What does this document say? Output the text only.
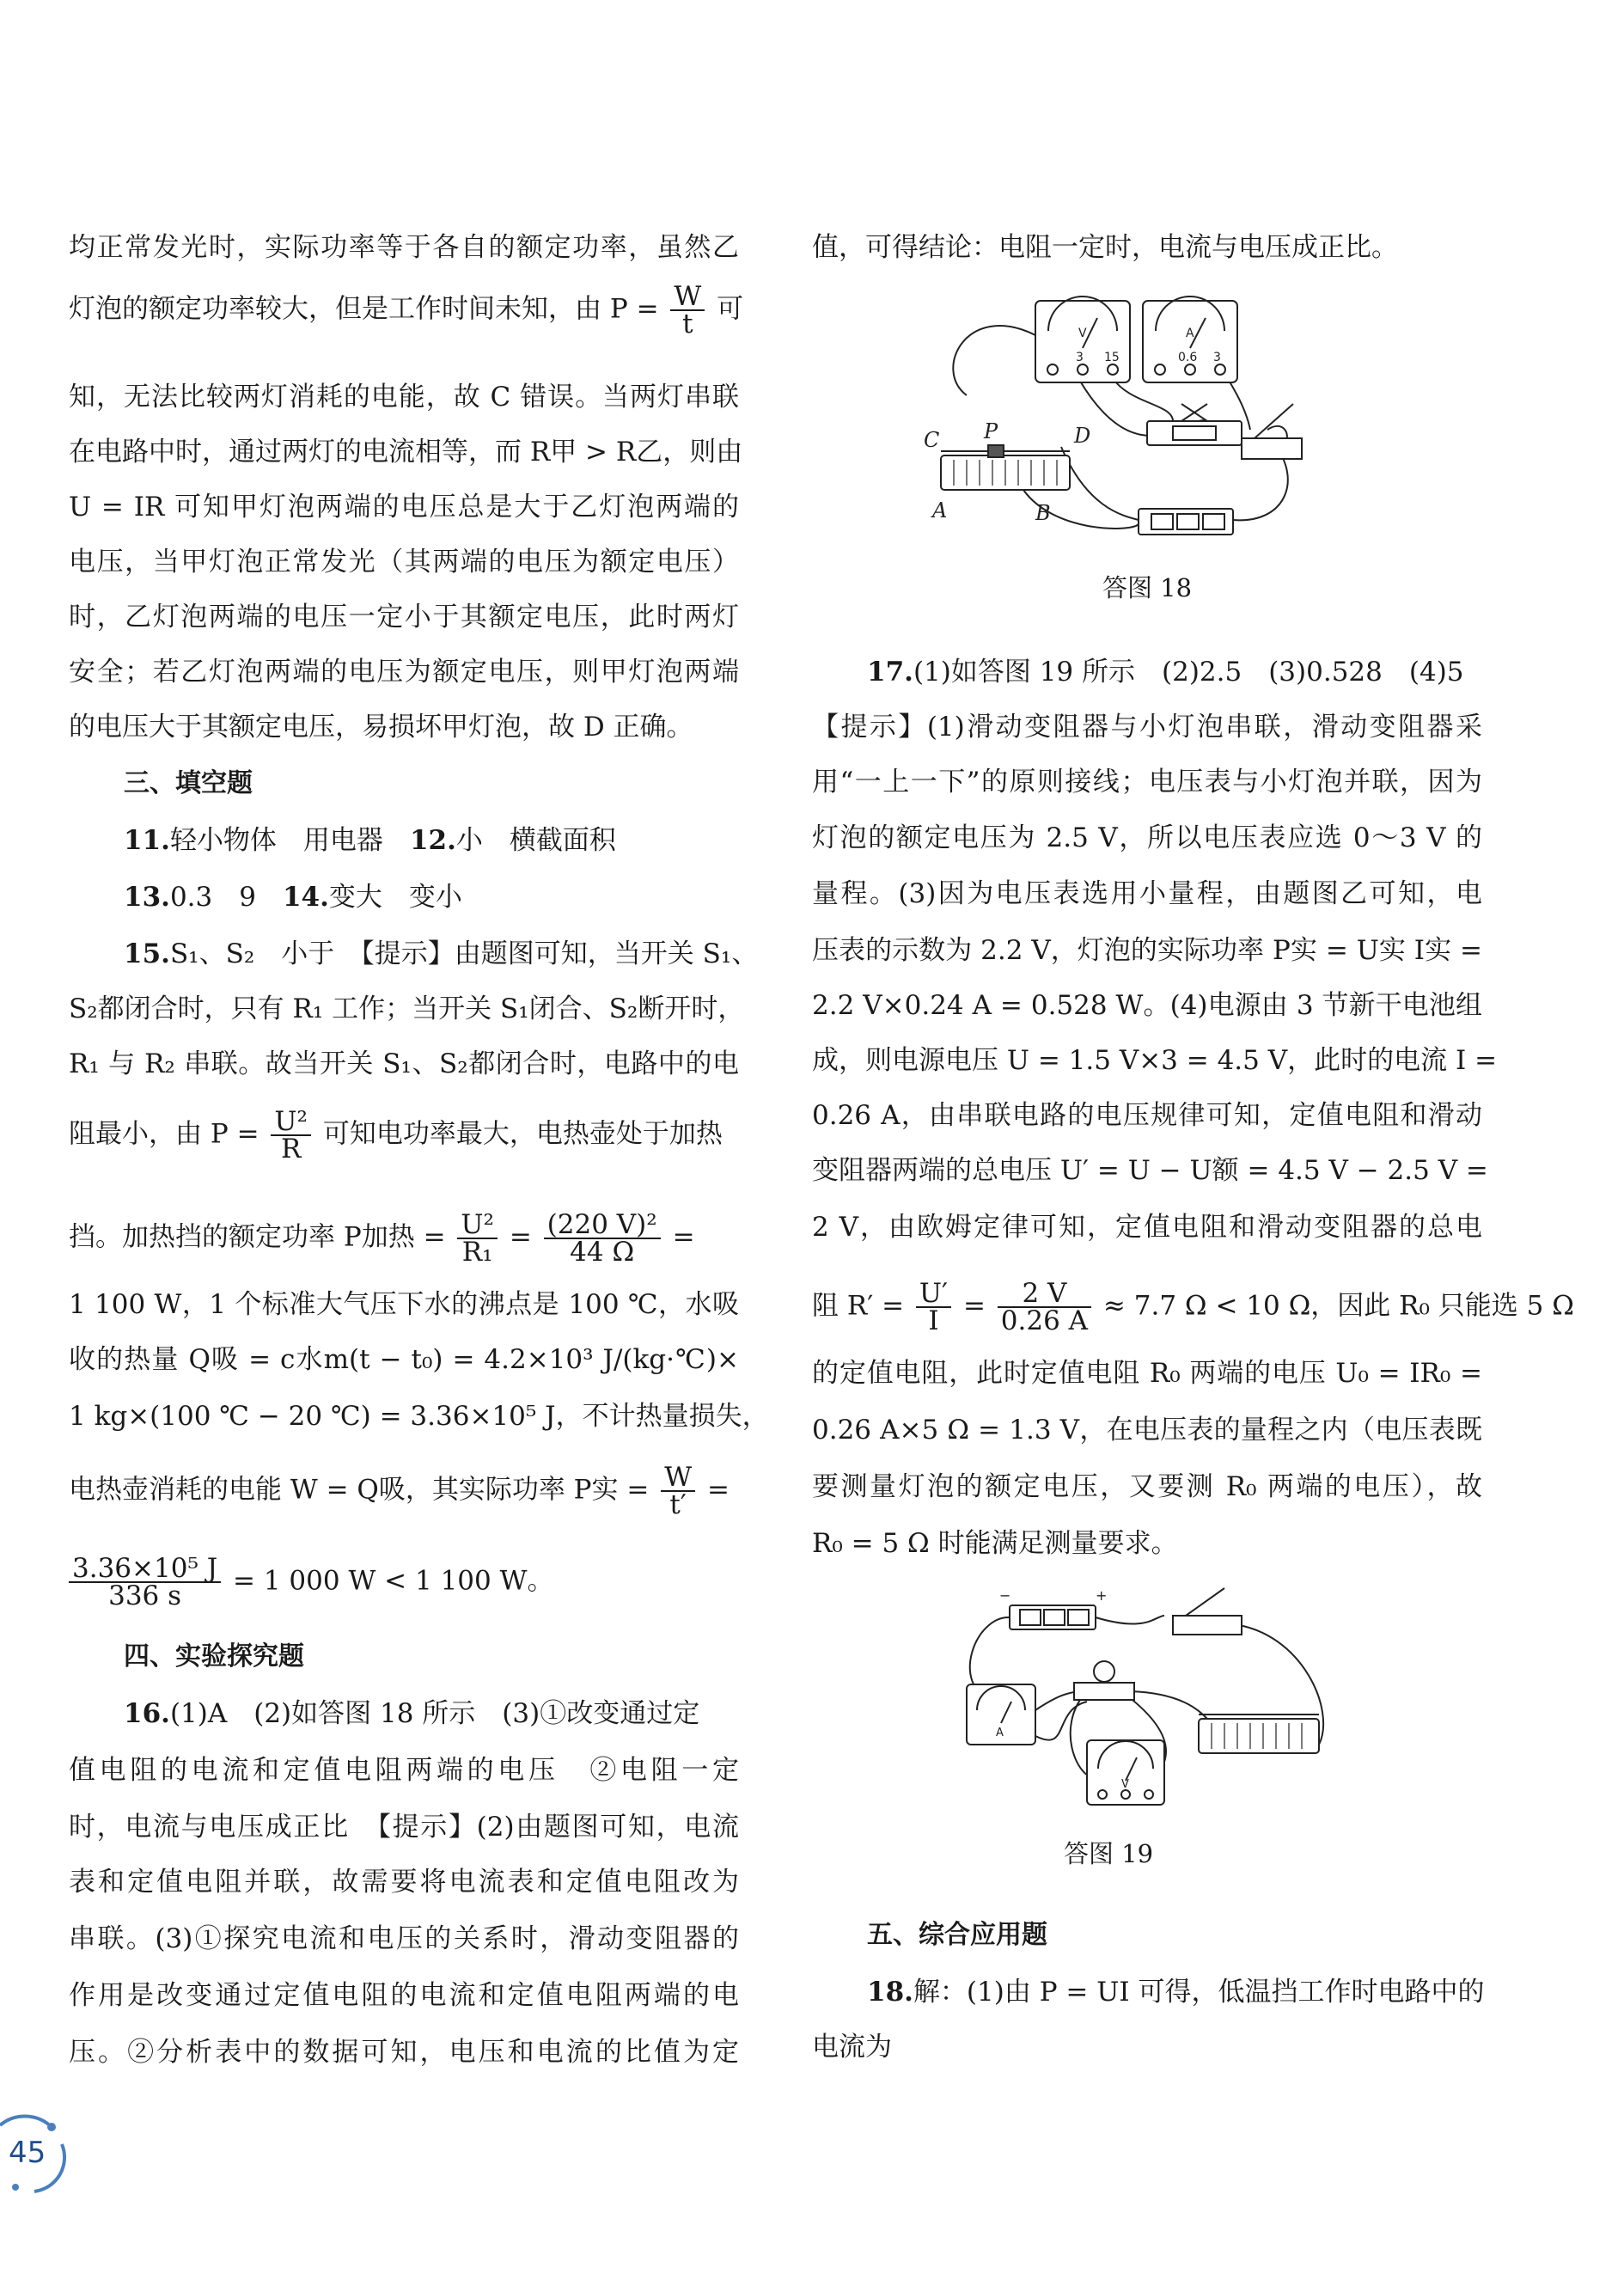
均正常发光时，实际功率等于各自的额定功率，虽然乙
灯泡的额定功率较大，但是工作时间未知，由 $P = \frac{W}{t}$ 可
知，无法比较两灯消耗的电能，故 C 错误。当两灯串联
在电路中时，通过两灯的电流相等，而 R甲 > R乙，则由
U = IR 可知甲灯泡两端的电压总是大于乙灯泡两端的
电压，当甲灯泡正常发光（其两端的电压为额定电压）
时，乙灯泡两端的电压一定小于其额定电压，此时两灯
安全；若乙灯泡两端的电压为额定电压，则甲灯泡两端
的电压大于其额定电压，易损坏甲灯泡，故 D 正确。
三、填空题
11.轻小物体　用电器　12.小　横截面积
13.0.3　9　14.变大　变小
15.S₁、S₂　小于　【提示】由题图可知，当开关 S₁、
S₂都闭合时，只有 R₁ 工作；当开关 S₁闭合、S₂断开时，
R₁ 与 R₂ 串联。故当开关 S₁、S₂都闭合时，电路中的电
阻最小，由 $P = \frac{\text{U²}}{R}$ 可知电功率最大，电热壶处于加热
挡。加热挡的额定功率 P加热 = $\frac{\text{U²}}{\text{R₁}} = \frac{\text{(220 V)²}}{44 \Omega}$ =
1 100 W，1 个标准大气压下水的沸点是 100 ℃，水吸
收的热量 Q吸 = c水m(t − t₀) = 4.2×10³ J/(kg·℃)×
1 kg×(100 ℃ − 20 ℃) = 3.36×10⁵ J，不计热量损失，
电热壶消耗的电能 W = Q吸，其实际功率 P实 = $\frac{W}{t'}$ =
$\frac{\text{3.36×10⁵ J}}{336 s} = 1$ 000 W < 1 100 W。
四、实验探究题
16.(1)A　(2)如答图 18 所示　(3)①改变通过定
值电阻的电流和定值电阻两端的电压　②电阻一定
时，电流与电压成正比　【提示】(2)由题图可知，电流
表和定值电阻并联，故需要将电流表和定值电阻改为
串联。(3)①探究电流和电压的关系时，滑动变阻器的
作用是改变通过定值电阻的电流和定值电阻两端的电
压。②分析表中的数据可知，电压和电流的比值为定
值，可得结论：电阻一定时，电流与电压成正比。
C P	D
A	B
V	A
3 15	0.6 3
答图 18
17.(1)如答图 19 所示　(2)2.5　(3)0.528　(4)5
【提示】(1)滑动变阻器与小灯泡串联，滑动变阻器采
用“一上一下”的原则接线；电压表与小灯泡并联，因为
灯泡的额定电压为 2.5 V，所以电压表应选 0～3 V 的
量程。(3)因为电压表选用小量程，由题图乙可知，电
压表的示数为 2.2 V，灯泡的实际功率 P实 = U实 I实 =
2.2 V×0.24 A = 0.528 W。(4)电源由 3 节新干电池组
成，则电源电压 U = 1.5 V×3 = 4.5 V，此时的电流 I =
0.26 A，由串联电路的电压规律可知，定值电阻和滑动
变阻器两端的总电压 U′ = U − U额 = 4.5 V − 2.5 V =
2 V，由欧姆定律可知，定值电阻和滑动变阻器的总电
阻 $R' = \frac{U'}{I} = \frac{2 V}{0.26 A} \approx 7.7$ Ω < 10 Ω，因此 R₀ 只能选 5 Ω
的定值电阻，此时定值电阻 R₀ 两端的电压 U₀ = IR₀ =
0.26 A×5 Ω = 1.3 V，在电压表的量程之内（电压表既
要测量灯泡的额定电压，又要测 R₀ 两端的电压），故
R₀ = 5 Ω 时能满足测量要求。
−	+
A
V
答图 19
五、综合应用题
18.解：(1)由 P = UI 可得，低温挡工作时电路中的
电流为
45
